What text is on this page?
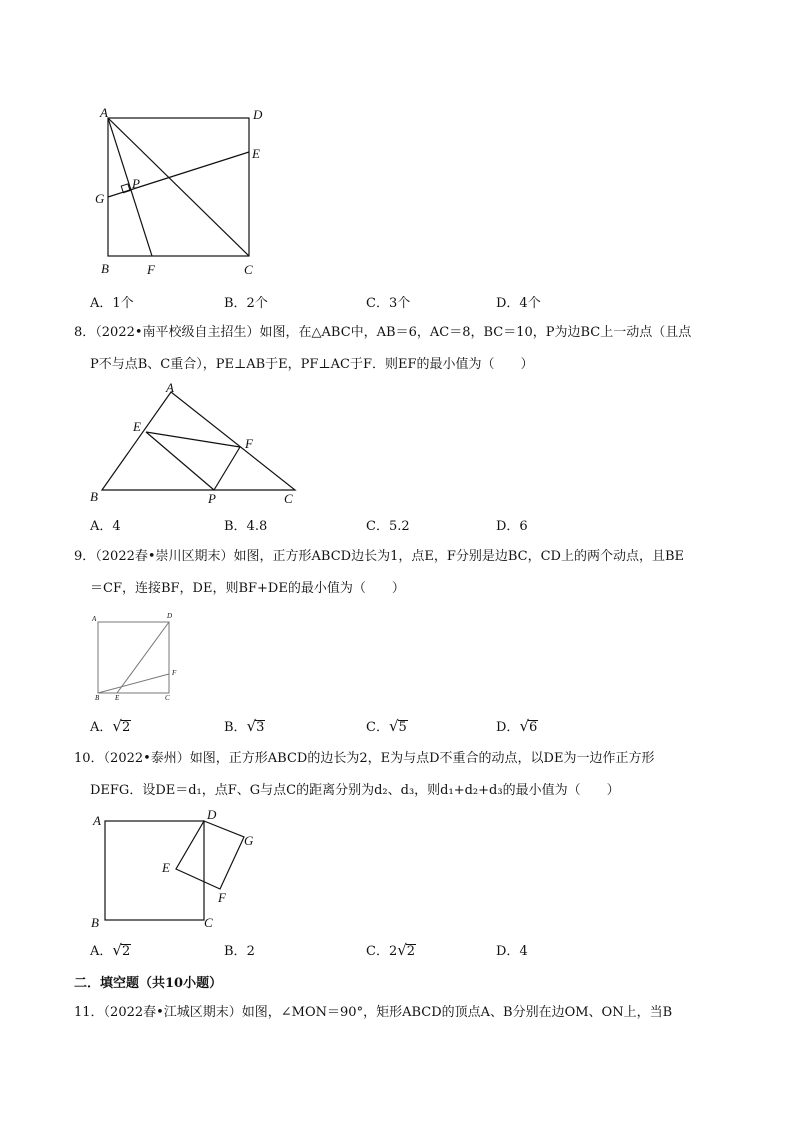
A	D
E
G
P
B	F	C
A．1个	B．2个	C．3个	D．4个
8．（2022•南平校级自主招生）如图，在△ABC中，AB＝6，AC＝8，BC＝10，P为边BC上一动点（且点
P不与点B、C重合），PE⊥AB于E，PF⊥AC于F．则EF的最小值为（　　）
A
E
F
B	P	C
A．4	B．4.8	C．5.2	D．6
9．（2022春•崇川区期末）如图，正方形ABCD边长为1，点E，F分别是边BC，CD上的两个动点，且BE
＝CF，连接BF，DE，则BF+DE的最小值为（　　）
A	D
F
B E	C
A．√2	B．√3	C．√5	D．√6
10．（2022•泰州）如图，正方形ABCD的边长为2，E为与点D不重合的动点，以DE为一边作正方形
DEFG．设DE＝d₁，点F、G与点C的距离分别为d₂、d₃，则d₁+d₂+d₃的最小值为（　　）
A	D
G
E
F
B	C
A．√2	B．2	C．2√2	D．4
二．填空题（共10小题）
11．（2022春•江城区期末）如图，∠MON＝90°，矩形ABCD的顶点A、B分别在边OM、ON上，当B
